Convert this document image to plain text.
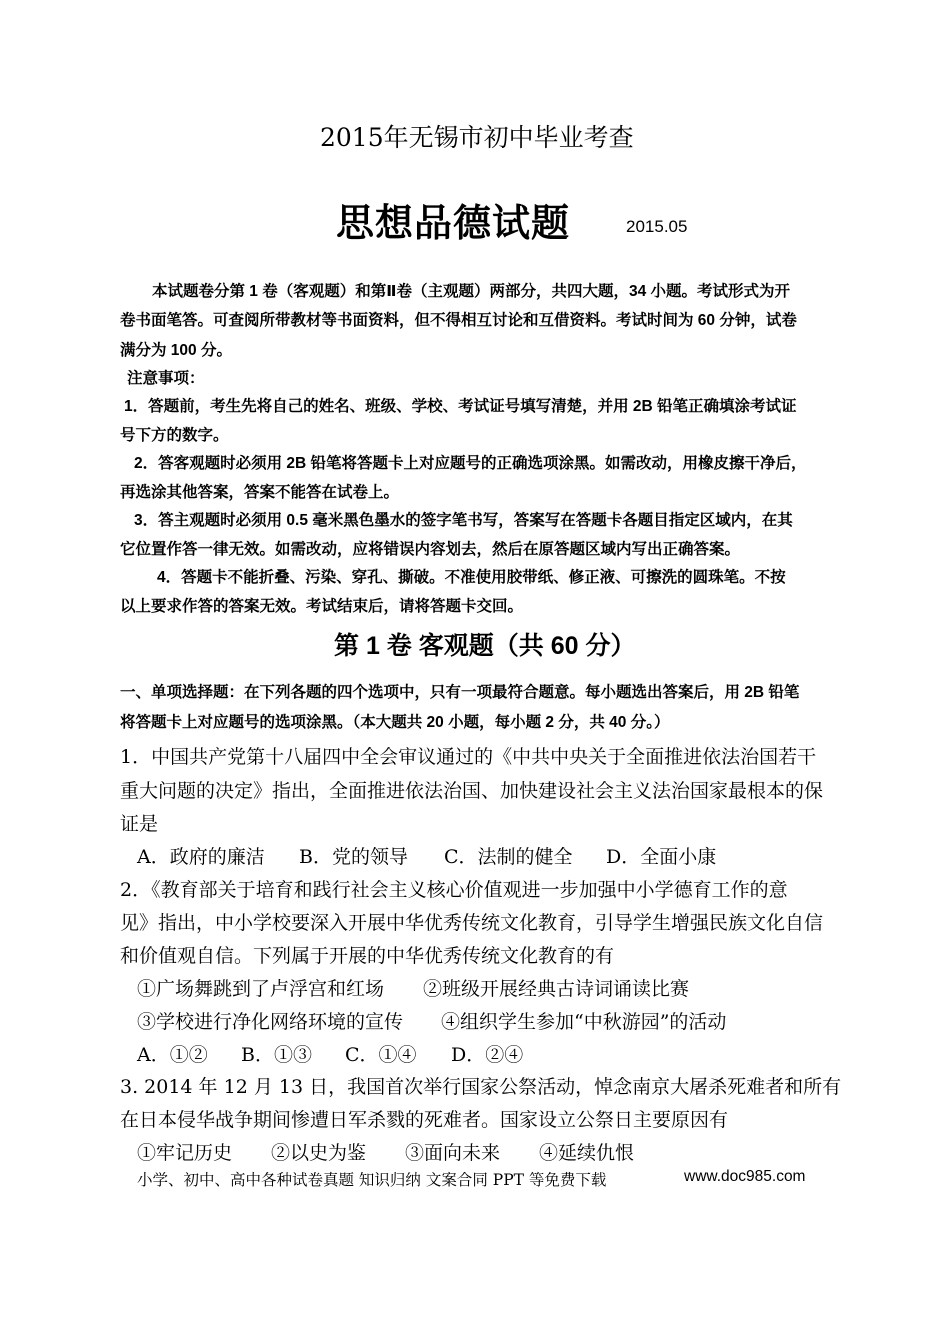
2015年无锡市初中毕业考查
思想品德试题	2015.05
本试题卷分第 1 卷（客观题）和第Ⅱ卷（主观题）两部分，共四大题，34 小题。考试形式为开
卷书面笔答。可查阅所带教材等书面资料，但不得相互讨论和互借资料。考试时间为 60 分钟，试卷
满分为 100 分。
注意事项：
1．答题前，考生先将自己的姓名、班级、学校、考试证号填写清楚，并用 2B 铅笔正确填涂考试证
号下方的数字。
2．答客观题时必须用 2B 铅笔将答题卡上对应题号的正确选项涂黑。如需改动，用橡皮擦干净后，
再选涂其他答案，答案不能答在试卷上。
3．答主观题时必须用 0.5 毫米黑色墨水的签字笔书写，答案写在答题卡各题目指定区域内，在其
它位置作答一律无效。如需改动，应将错误内容划去，然后在原答题区域内写出正确答案。
4．答题卡不能折叠、污染、穿孔、撕破。不准使用胶带纸、修正液、可擦洗的圆珠笔。不按
以上要求作答的答案无效。考试结束后，请将答题卡交回。
第 1 卷 客观题（共 60 分）
一、单项选择题：在下列各题的四个选项中，只有一项最符合题意。每小题选出答案后，用 2B 铅笔
将答题卡上对应题号的选项涂黑。（本大题共 20 小题，每小题 2 分，共 40 分。）
1．中国共产党第十八届四中全会审议通过的《中共中央关于全面推进依法治国若干
重大问题的决定》指出，全面推进依法治国、加快建设社会主义法治国家最根本的保
证是
A．政府的廉洁 B．党的领导 C．法制的健全 D．全面小康
2．《教育部关于培育和践行社会主义核心价值观进一步加强中小学德育工作的意
见》指出，中小学校要深入开展中华优秀传统文化教育，引导学生增强民族文化自信
和价值观自信。下列属于开展的中华优秀传统文化教育的有
①广场舞跳到了卢浮宫和红场 ②班级开展经典古诗词诵读比赛
③学校进行净化网络环境的宣传 ④组织学生参加“中秋游园”的活动
A．①② B．①③ C．①④ D．②④
3. 2014 年 12 月 13 日，我国首次举行国家公祭活动，悼念南京大屠杀死难者和所有
在日本侵华战争期间惨遭日军杀戮的死难者。国家设立公祭日主要原因有
①牢记历史 ②以史为鉴 ③面向未来 ④延续仇恨
小学、初中、高中各种试卷真题 知识归纳 文案合同 PPT 等免费下载	www.doc985.com
